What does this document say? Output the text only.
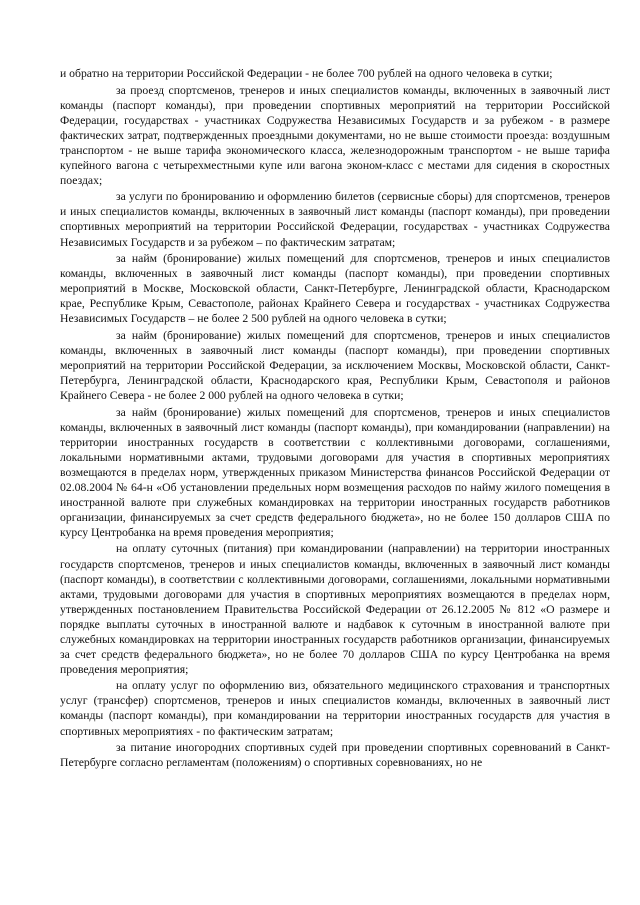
и обратно на территории Российской Федерации - не более 700 рублей на одного человека в сутки;

за проезд спортсменов, тренеров и иных специалистов команды, включенных в заявочный лист команды (паспорт команды), при проведении спортивных мероприятий на территории Российской Федерации, государствах - участниках Содружества Независимых Государств и за рубежом - в размере фактических затрат, подтвержденных проездными документами, но не выше стоимости проезда: воздушным транспортом - не выше тарифа экономического класса, железнодорожным транспортом - не выше тарифа купейного вагона с четырехместными купе или вагона эконом-класс с местами для сидения в скоростных поездах;

за услуги по бронированию и оформлению билетов (сервисные сборы) для спортсменов, тренеров и иных специалистов команды, включенных в заявочный лист команды (паспорт команды), при проведении спортивных мероприятий на территории Российской Федерации, государствах - участниках Содружества Независимых Государств и за рубежом – по фактическим затратам;

за найм (бронирование) жилых помещений для спортсменов, тренеров и иных специалистов команды, включенных в заявочный лист команды (паспорт команды), при проведении спортивных мероприятий в Москве, Московской области, Санкт-Петербурге, Ленинградской области, Краснодарском крае, Республике Крым, Севастополе, районах Крайнего Севера и государствах - участниках Содружества Независимых Государств – не более 2 500 рублей на одного человека в сутки;

за найм (бронирование) жилых помещений для спортсменов, тренеров и иных специалистов команды, включенных в заявочный лист команды (паспорт команды), при проведении спортивных мероприятий на территории Российской Федерации, за исключением Москвы, Московской области, Санкт-Петербурга, Ленинградской области, Краснодарского края, Республики Крым, Севастополя и районов Крайнего Севера - не более 2 000 рублей на одного человека в сутки;

за найм (бронирование) жилых помещений для спортсменов, тренеров и иных специалистов команды, включенных в заявочный лист команды (паспорт команды), при командировании (направлении) на территории иностранных государств в соответствии с коллективными договорами, соглашениями, локальными нормативными актами, трудовыми договорами для участия в спортивных мероприятиях возмещаются в пределах норм, утвержденных приказом Министерства финансов Российской Федерации от 02.08.2004 № 64-н «Об установлении предельных норм возмещения расходов по найму жилого помещения в иностранной валюте при служебных командировках на территории иностранных государств работников организации, финансируемых за счет средств федерального бюджета», но не более 150 долларов США по курсу Центробанка на время проведения мероприятия;

на оплату суточных (питания) при командировании (направлении) на территории иностранных государств спортсменов, тренеров и иных специалистов команды, включенных в заявочный лист команды (паспорт команды), в соответствии с коллективными договорами, соглашениями, локальными нормативными актами, трудовыми договорами для участия в спортивных мероприятиях возмещаются в пределах норм, утвержденных постановлением Правительства Российской Федерации от 26.12.2005 № 812 «О размере и порядке выплаты суточных в иностранной валюте и надбавок к суточным в иностранной валюте при служебных командировках на территории иностранных государств работников организации, финансируемых за счет средств федерального бюджета», но не более 70 долларов США по курсу Центробанка на время проведения мероприятия;

на оплату услуг по оформлению виз, обязательного медицинского страхования и транспортных услуг (трансфер) спортсменов, тренеров и иных специалистов команды, включенных в заявочный лист команды (паспорт команды), при командировании на территории иностранных государств для участия в спортивных мероприятиях - по фактическим затратам;

за питание иногородних спортивных судей при проведении спортивных соревнований в Санкт-Петербурге согласно регламентам (положениям) о спортивных соревнованиях, но не
